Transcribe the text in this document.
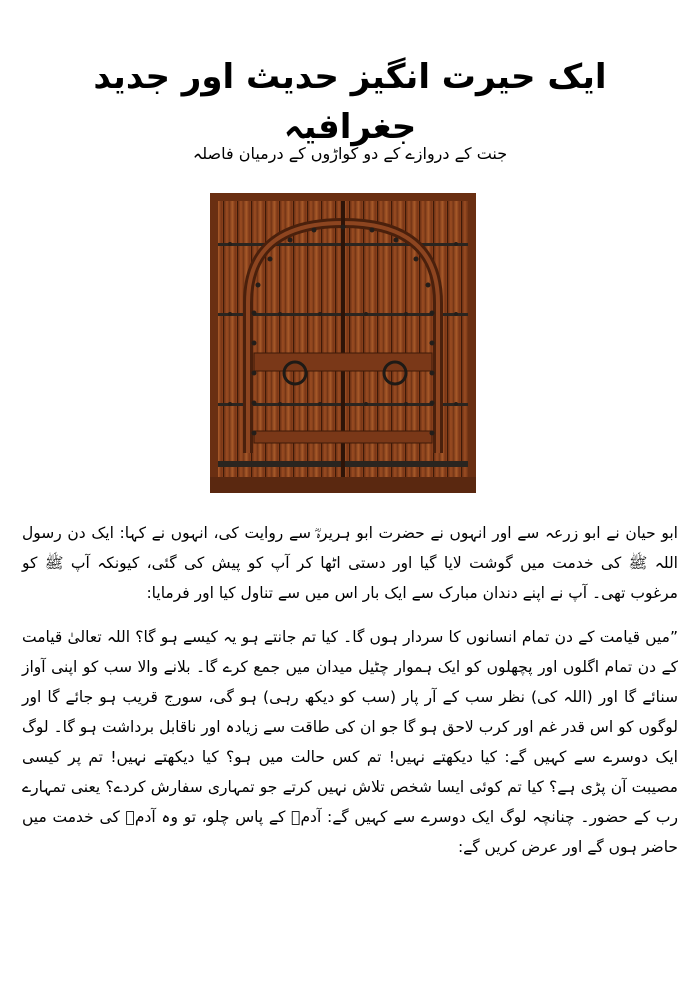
ایک حیرت انگیز حدیث اور جدید جغرافیہ
جنت کے دروازے کے دو کواڑوں کے درمیان فاصلہ

ابو حیان نے ابو زرعہ سے اور انہوں نے حضرت ابو ہریرہؓ سے روایت کی، انہوں نے کہا: ایک دن رسول اللہ ﷺ کی خدمت میں گوشت لایا گیا اور دستی اٹھا کر آپ کو پیش کی گئی، کیونکہ آپ ﷺ کو مرغوب تھی۔ آپ نے اپنے دندان مبارک سے ایک بار اس میں سے تناول کیا اور فرمایا:

”میں قیامت کے دن تمام انسانوں کا سردار ہوں گا۔ کیا تم جانتے ہو یہ کیسے ہو گا؟ اللہ تعالیٰ قیامت کے دن تمام اگلوں اور پچھلوں کو ایک ہموار چٹیل میدان میں جمع کرے گا۔ بلانے والا سب کو اپنی آواز سنائے گا اور (اللہ کی) نظر سب کے آر پار (سب کو دیکھ رہی) ہو گی، سورج قریب ہو جائے گا اور لوگوں کو اس قدر غم اور کرب لاحق ہو گا جو ان کی طاقت سے زیادہ اور ناقابل برداشت ہو گا۔ لوگ ایک دوسرے سے کہیں گے: کیا دیکھتے نہیں! تم کس حالت میں ہو؟ کیا دیکھتے نہیں! تم پر کیسی مصیبت آن پڑی ہے؟ کیا تم کوئی ایسا شخص تلاش نہیں کرتے جو تمہاری سفارش کردے؟ یعنی تمہارے رب کے حضور۔ چنانچہ لوگ ایک دوسرے سے کہیں گے: آدمؑ کے پاس چلو، تو وہ آدمؑ کی خدمت میں حاضر ہوں گے اور عرض کریں گے:
